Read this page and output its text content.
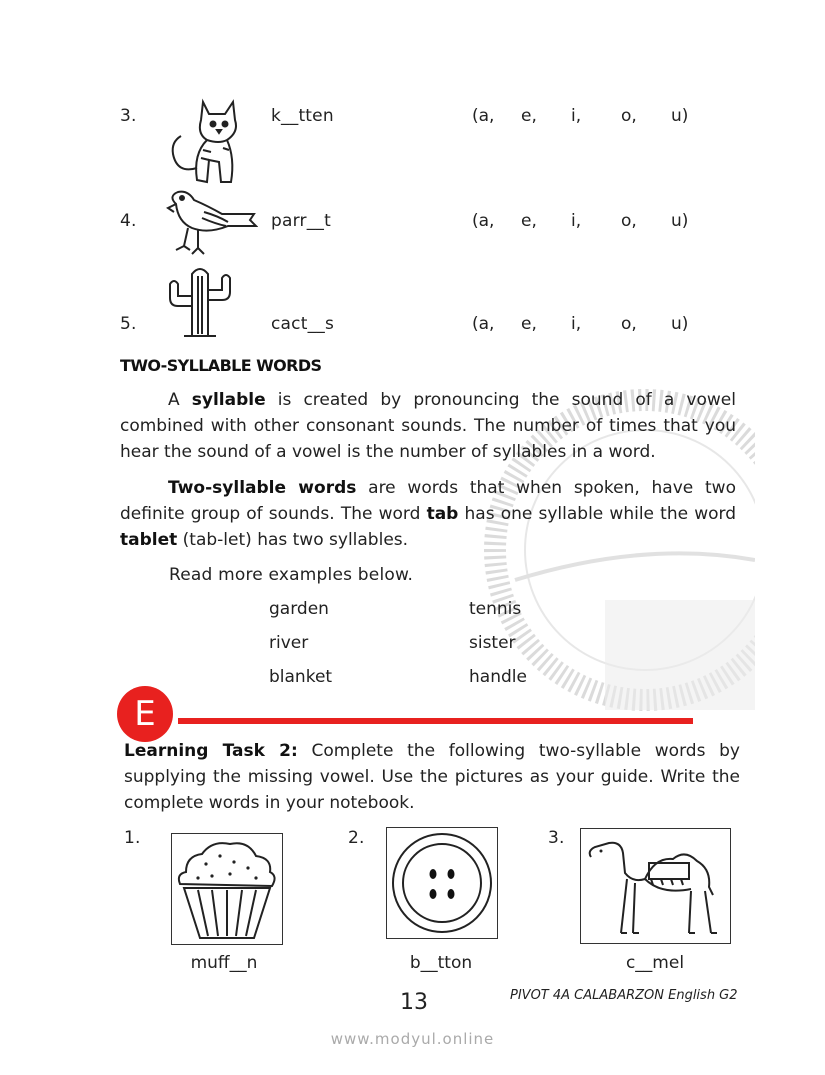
3.	k__tten	(a, e, i, o, u)
4.	parr__t	(a, e, i, o, u)
5.	cact__s	(a, e, i, o, u)
TWO-SYLLABLE WORDS
A syllable is created by pronouncing the sound of a vowel combined with other consonant sounds. The number of times that you hear the sound of a vowel is the number of syllables in a word.
Two-syllable words are words that when spoken, have two definite group of sounds. The word tab has one syllable while the word tablet (tab-let) has two syllables.
Read more examples below.
garden	tennis
river	sister
blanket	handle
E
Learning Task 2: Complete the following two-syllable words by supplying the missing vowel. Use the pictures as your guide. Write the complete words in your notebook.
1.
muff__n
2.
b__tton
3.
c__mel
13	PIVOT 4A CALABARZON English G2
www.modyul.online
